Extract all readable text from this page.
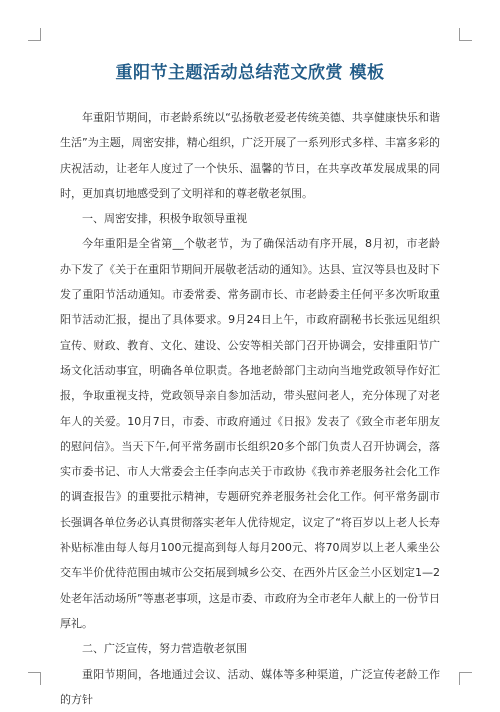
重阳节主题活动总结范文欣赏 模板

年重阳节期间，市老龄系统以“弘扬敬老爱老传统美德、共享健康快乐和谐生活”为主题，周密安排，精心组织，广泛开展了一系列形式多样、丰富多彩的庆祝活动，让老年人度过了一个快乐、温馨的节日，在共享改革发展成果的同时，更加真切地感受到了文明祥和的尊老敬老氛围。

一、周密安排，积极争取领导重视

今年重阳是全省第__个敬老节，为了确保活动有序开展，8月初，市老龄办下发了《关于在重阳节期间开展敬老活动的通知》。达县、宣汉等县也及时下发了重阳节活动通知。市委常委、常务副市长、市老龄委主任何平多次听取重阳节活动汇报，提出了具体要求。9月24日上午，市政府副秘书长张远见组织宣传、财政、教育、文化、建设、公安等相关部门召开协调会，安排重阳节广场文化活动事宜，明确各单位职责。各地老龄部门主动向当地党政领导作好汇报，争取重视支持，党政领导亲自参加活动，带头慰问老人，充分体现了对老年人的关爱。10月7日，市委、市政府通过《日报》发表了《致全市老年朋友的慰问信》。当天下午,何平常务副市长组织20多个部门负责人召开协调会，落实市委书记、市人大常委会主任李向志关于市政协《我市养老服务社会化工作的调查报告》的重要批示精神，专题研究养老服务社会化工作。何平常务副市长强调各单位务必认真贯彻落实老年人优待规定，议定了“将百岁以上老人长寿补贴标准由每人每月100元提高到每人每月200元、将70周岁以上老人乘坐公交车半价优待范围由城市公交拓展到城乡公交、在西外片区金兰小区划定1—2处老年活动场所”等惠老事项，这是市委、市政府为全市老年人献上的一份节日厚礼。

二、广泛宣传，努力营造敬老氛围

重阳节期间，各地通过会议、活动、媒体等多种渠道，广泛宣传老龄工作的方针
